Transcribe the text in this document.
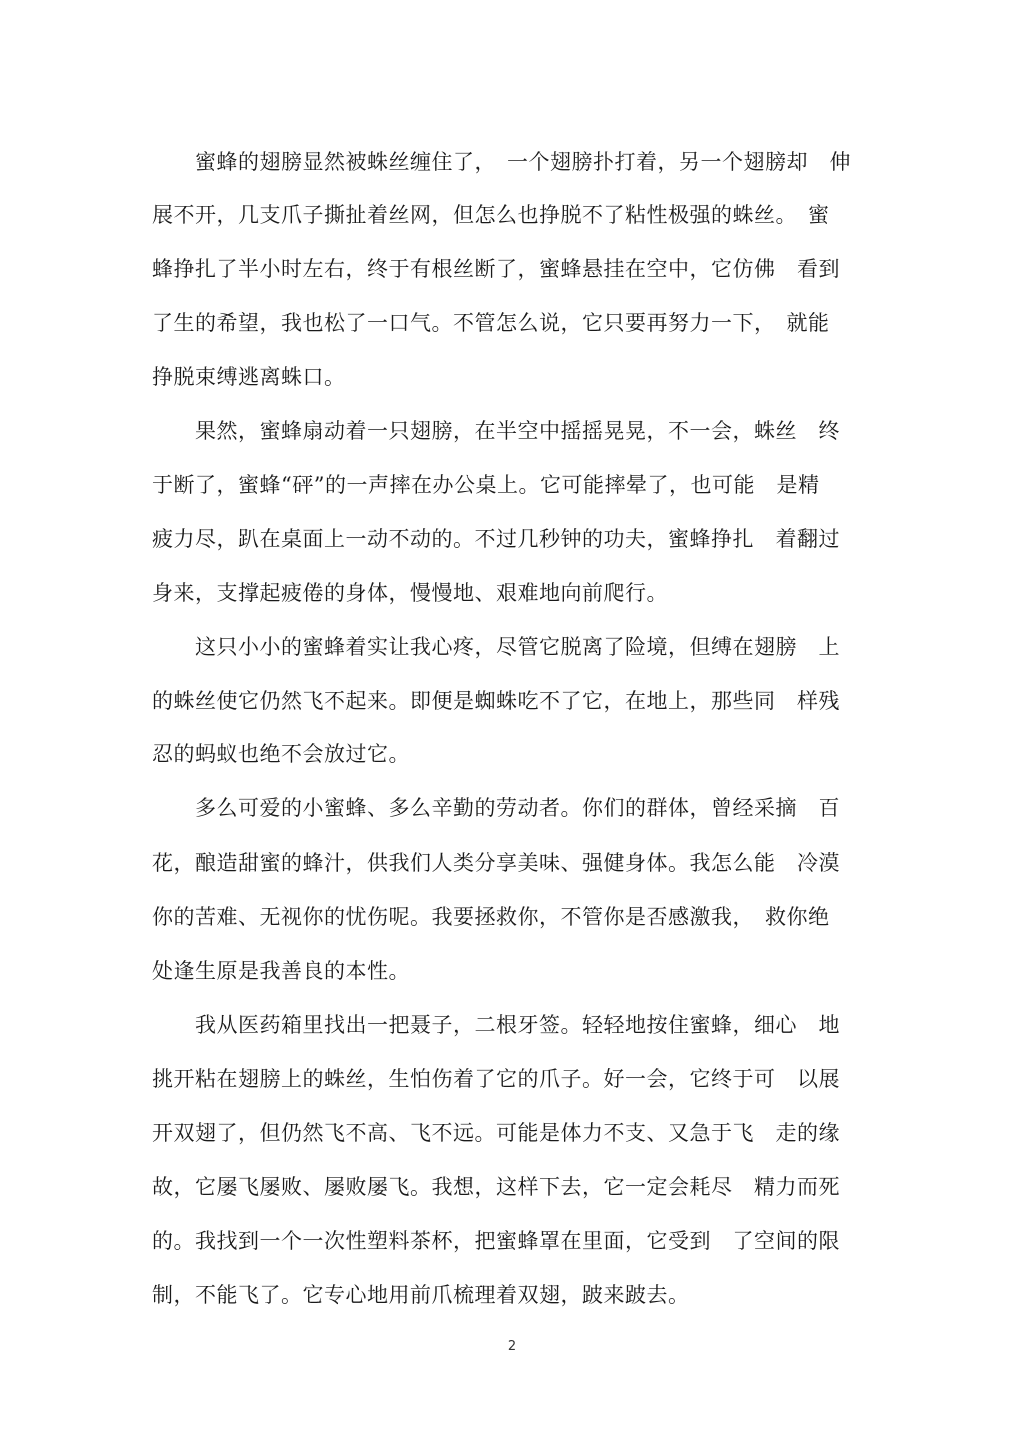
　　蜜蜂的翅膀显然被蛛丝缠住了，　一个翅膀扑打着，另一个翅膀却　伸
展不开，几支爪子撕扯着丝网，但怎么也挣脱不了粘性极强的蛛丝。　蜜
蜂挣扎了半小时左右，终于有根丝断了，蜜蜂悬挂在空中，它仿佛　看到
了生的希望，我也松了一口气。不管怎么说，它只要再努力一下，　就能
挣脱束缚逃离蛛口。
　　果然，蜜蜂扇动着一只翅膀，在半空中摇摇晃晃，不一会，蛛丝　终
于断了，蜜蜂“砰”的一声摔在办公桌上。它可能摔晕了，也可能　是精
疲力尽，趴在桌面上一动不动的。不过几秒钟的功夫，蜜蜂挣扎　着翻过
身来，支撑起疲倦的身体，慢慢地、艰难地向前爬行。
　　这只小小的蜜蜂着实让我心疼，尽管它脱离了险境，但缚在翅膀　上
的蛛丝使它仍然飞不起来。即便是蜘蛛吃不了它，在地上，那些同　样残
忍的蚂蚁也绝不会放过它。
　　多么可爱的小蜜蜂、多么辛勤的劳动者。你们的群体，曾经采摘　百
花，酿造甜蜜的蜂汁，供我们人类分享美味、强健身体。我怎么能　冷漠
你的苦难、无视你的忧伤呢。我要拯救你，不管你是否感激我，　救你绝
处逢生原是我善良的本性。
　　我从医药箱里找出一把聂子，二根牙签。轻轻地按住蜜蜂，细心　地
挑开粘在翅膀上的蛛丝，生怕伤着了它的爪子。好一会，它终于可　以展
开双翅了，但仍然飞不高、飞不远。可能是体力不支、又急于飞　走的缘
故，它屡飞屡败、屡败屡飞。我想，这样下去，它一定会耗尽　精力而死
的。我找到一个一次性塑料茶杯，把蜜蜂罩在里面，它受到　了空间的限
制，不能飞了。它专心地用前爪梳理着双翅，跛来跛去。
2
